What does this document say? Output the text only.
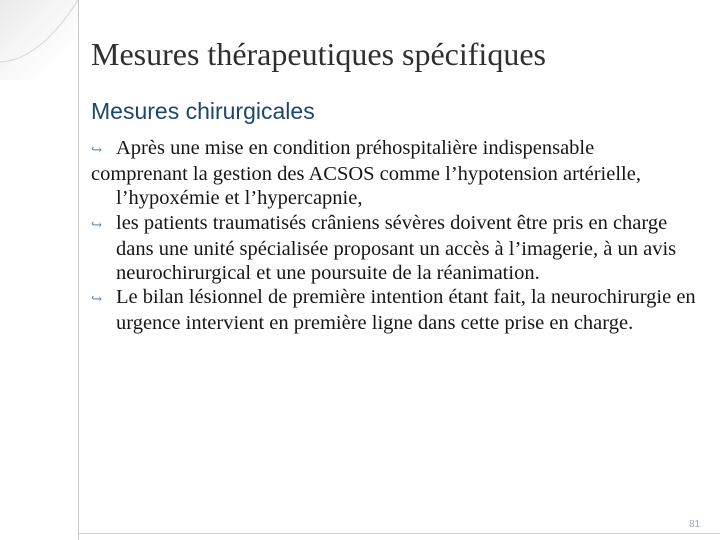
Mesures thérapeutiques spécifiques
Mesures chirurgicales

↪ Après une mise en condition préhospitalière indispensable

comprenant la gestion des ACSOS comme l’hypotension artérielle, l’hypoxémie et l’hypercapnie,

↪ les patients traumatisés crâniens sévères doivent être pris en charge dans une unité spécialisée proposant un accès à l’imagerie, à un avis neurochirurgical et une poursuite de la réanimation.

↪ Le bilan lésionnel de première intention étant fait, la neurochirurgie en urgence intervient en première ligne dans cette prise en charge.

81
